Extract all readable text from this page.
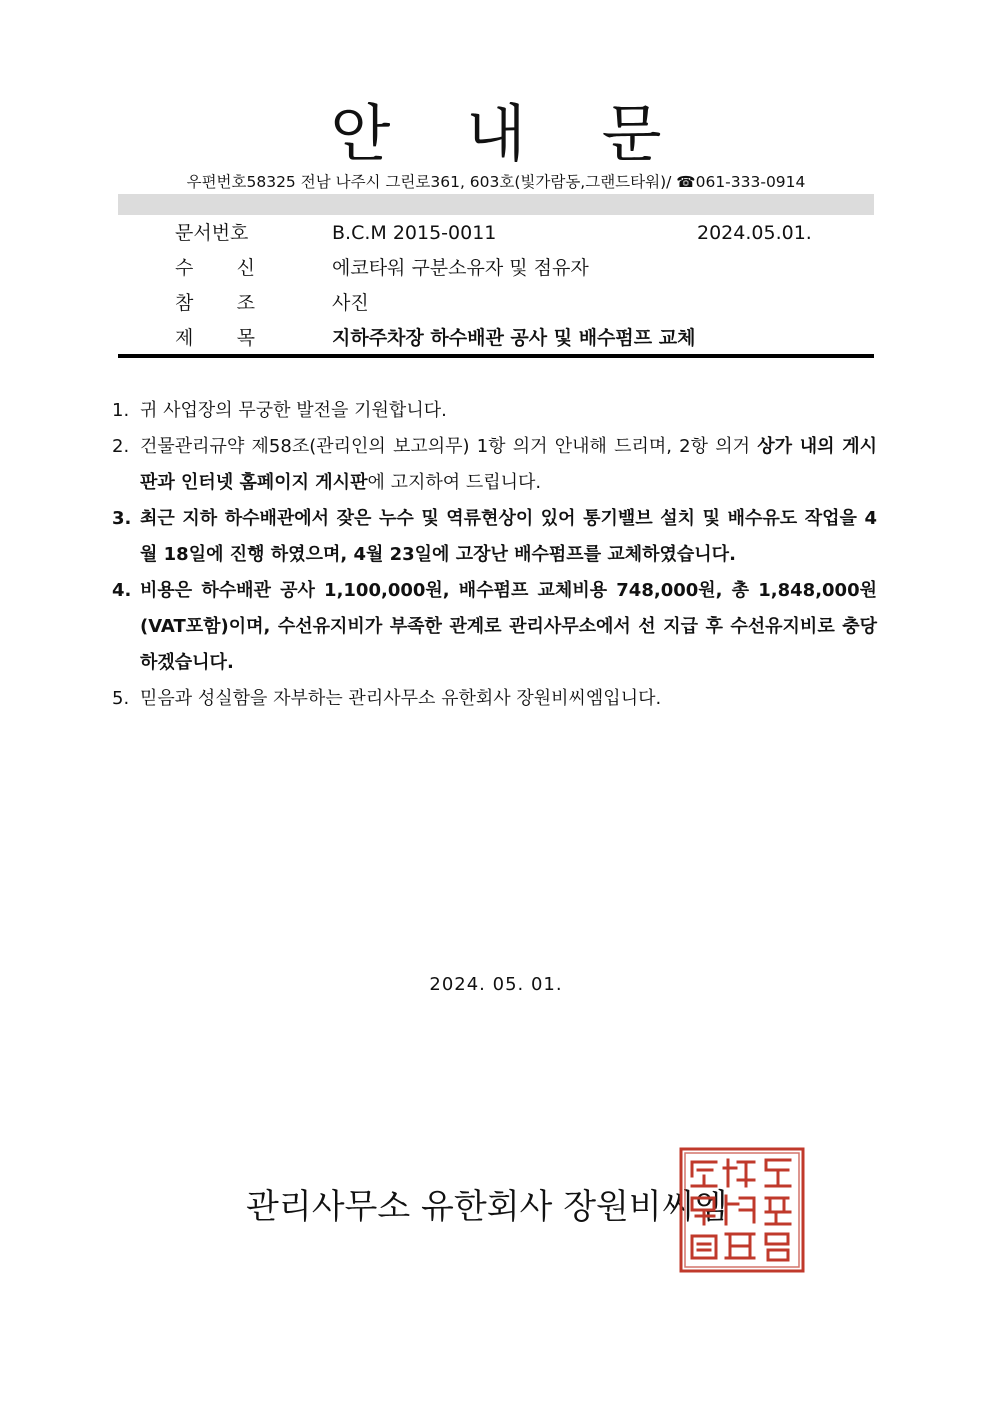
안 내 문
우편번호58325 전남 나주시 그린로361, 603호(빛가람동,그랜드타워)/ ☎061-333-0914
문서번호	B.C.M 2015-0011	2024.05.01.
수 신	에코타워 구분소유자 및 점유자
참 조	사진
제 목	지하주차장 하수배관 공사 및 배수펌프 교체

1. 귀 사업장의 무궁한 발전을 기원합니다.

2. 건물관리규약 제58조(관리인의 보고의무) 1항 의거 안내해 드리며, 2항 의거 상가 내의 게시판과 인터넷 홈페이지 게시판에 고지하여 드립니다.

3. 최근 지하 하수배관에서 잦은 누수 및 역류현상이 있어 통기밸브 설치 및 배수유도 작업을 4월 18일에 진행 하였으며, 4월 23일에 고장난 배수펌프를 교체하였습니다.

4. 비용은 하수배관 공사 1,100,000원, 배수펌프 교체비용 748,000원, 총 1,848,000원(VAT포함)이며, 수선유지비가 부족한 관계로 관리사무소에서 선 지급 후 수선유지비로 충당하겠습니다.

5. 믿음과 성실함을 자부하는 관리사무소 유한회사 장원비씨엠입니다.

2024. 05. 01.
관리사무소 유한회사 장원비씨엠
